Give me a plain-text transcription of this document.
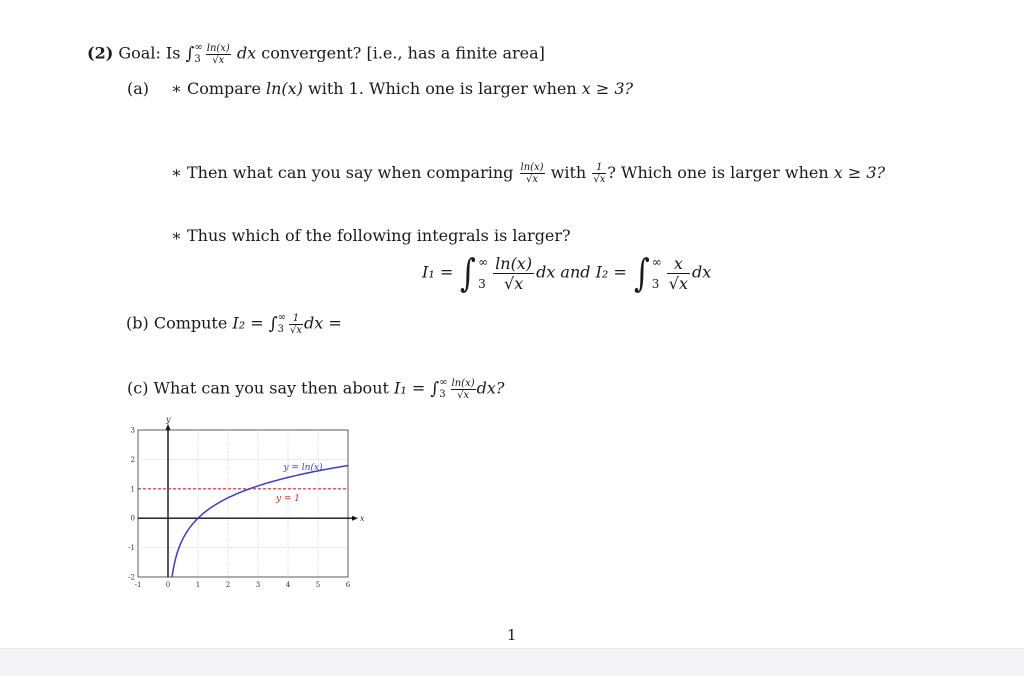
(2) Goal: Is ∫ ∞
$3 \frac{\ln(x)}{√x}$ dx convergent? [i.e., has a finite area]
(a) ∗ Compare ln(x) with 1. Which one is larger when x ≥ 3?
∗ Then what can you say when comparing $\frac{\ln(x)}{√x}$ with $\frac{1}{√x}$ ? Which one is larger when x ≥ 3?
∗ Thus which of the following integrals is larger?
I₁ = ∫ ∞
$3 \frac{\ln(x)}{√x}$ dx and I₂ = ∫ ∞
$3 \frac{x}{√x}$ dx
(b) Compute I₂ = ∫ ∞
$3 \frac{1}{√x}$ dx =
(c) What can you say then about I₁ = ∫ ∞
$3 \frac{\ln(x)}{√x}$ dx?
x
y
-1	0	1	2	3	4	5	6
-2
-1
0
1
2
3
y = 1
y = ln(x)
1
